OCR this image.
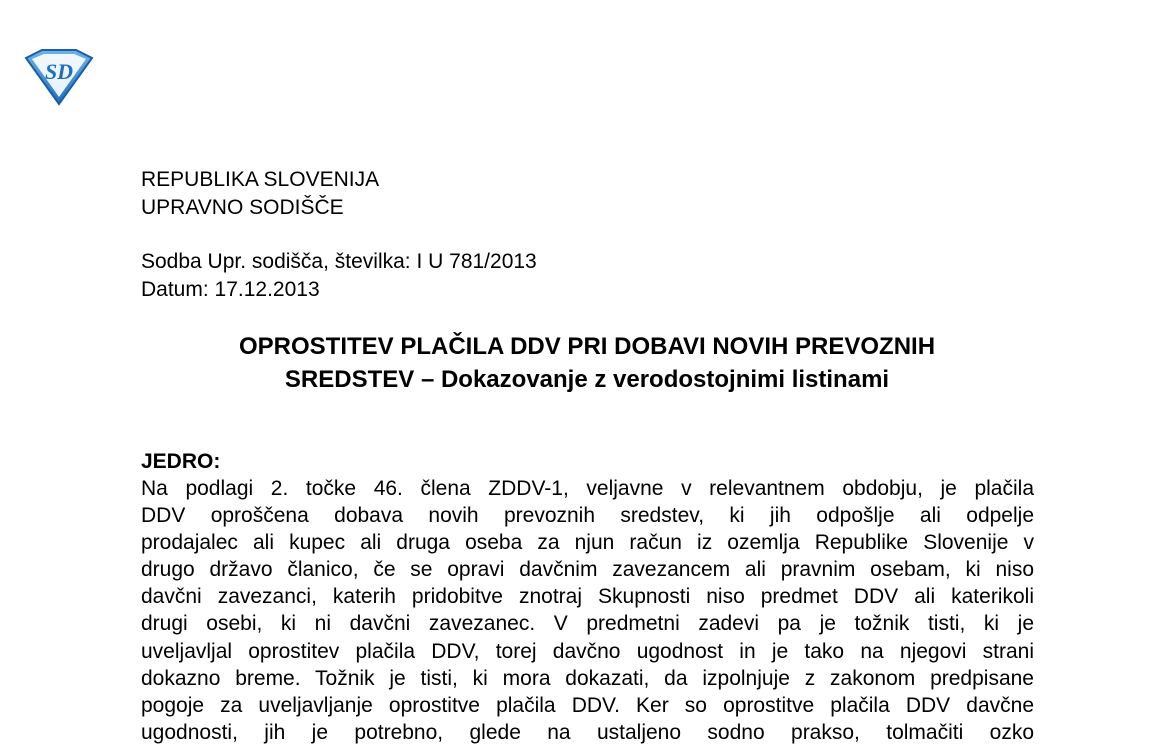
SD
REPUBLIKA SLOVENIJA
UPRAVNO SODIŠČE
Sodba Upr. sodišča, številka: I U 781/2013
Datum: 17.12.2013
OPROSTITEV PLAČILA DDV PRI DOBAVI NOVIH PREVOZNIH
SREDSTEV – Dokazovanje z verodostojnimi listinami
JEDRO:
Na podlagi 2. točke 46. člena ZDDV-1, veljavne v relevantnem obdobju, je plačila
DDV oproščena dobava novih prevoznih sredstev, ki jih odpošlje ali odpelje
prodajalec ali kupec ali druga oseba za njun račun iz ozemlja Republike Slovenije v
drugo državo članico, če se opravi davčnim zavezancem ali pravnim osebam, ki niso
davčni zavezanci, katerih pridobitve znotraj Skupnosti niso predmet DDV ali katerikoli
drugi osebi, ki ni davčni zavezanec. V predmetni zadevi pa je tožnik tisti, ki je
uveljavljal oprostitev plačila DDV, torej davčno ugodnost in je tako na njegovi strani
dokazno breme. Tožnik je tisti, ki mora dokazati, da izpolnjuje z zakonom predpisane
pogoje za uveljavljanje oprostitve plačila DDV. Ker so oprostitve plačila DDV davčne
ugodnosti, jih je potrebno, glede na ustaljeno sodno prakso, tolmačiti ozko
